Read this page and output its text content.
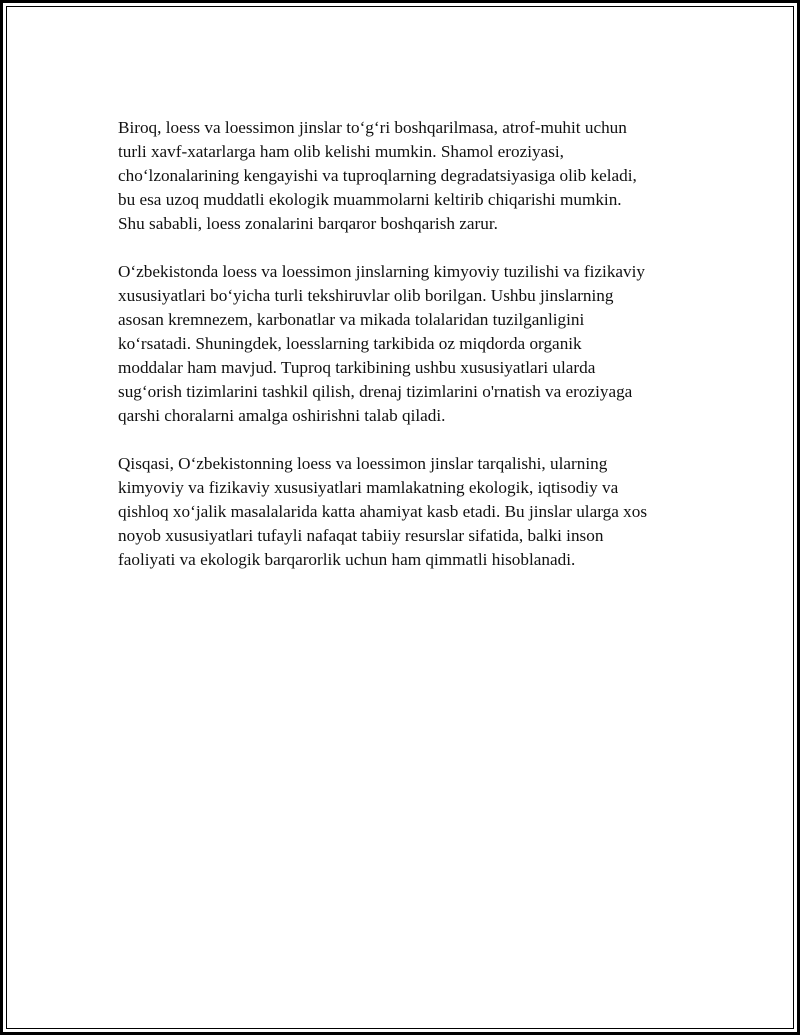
Biroq, loess va loessimon jinslar to‘g‘ri boshqarilmasa, atrof-muhit uchun
turli xavf-xatarlarga ham olib kelishi mumkin. Shamol eroziyasi,
cho‘lzonalarining kengayishi va tuproqlarning degradatsiyasiga olib keladi,
bu esa uzoq muddatli ekologik muammolarni keltirib chiqarishi mumkin.
Shu sababli, loess zonalarini barqaror boshqarish zarur.

O‘zbekistonda loess va loessimon jinslarning kimyoviy tuzilishi va fizikaviy
xususiyatlari bo‘yicha turli tekshiruvlar olib borilgan. Ushbu jinslarning
asosan kremnezem, karbonatlar va mikada tolalaridan tuzilganligini
ko‘rsatadi. Shuningdek, loesslarning tarkibida oz miqdorda organik
moddalar ham mavjud. Tuproq tarkibining ushbu xususiyatlari ularda
sug‘orish tizimlarini tashkil qilish, drenaj tizimlarini o'rnatish va eroziyaga
qarshi choralarni amalga oshirishni talab qiladi.

Qisqasi, O‘zbekistonning loess va loessimon jinslar tarqalishi, ularning
kimyoviy va fizikaviy xususiyatlari mamlakatning ekologik, iqtisodiy va
qishloq xo‘jalik masalalarida katta ahamiyat kasb etadi. Bu jinslar ularga xos
noyob xususiyatlari tufayli nafaqat tabiiy resurslar sifatida, balki inson
faoliyati va ekologik barqarorlik uchun ham qimmatli hisoblanadi.
